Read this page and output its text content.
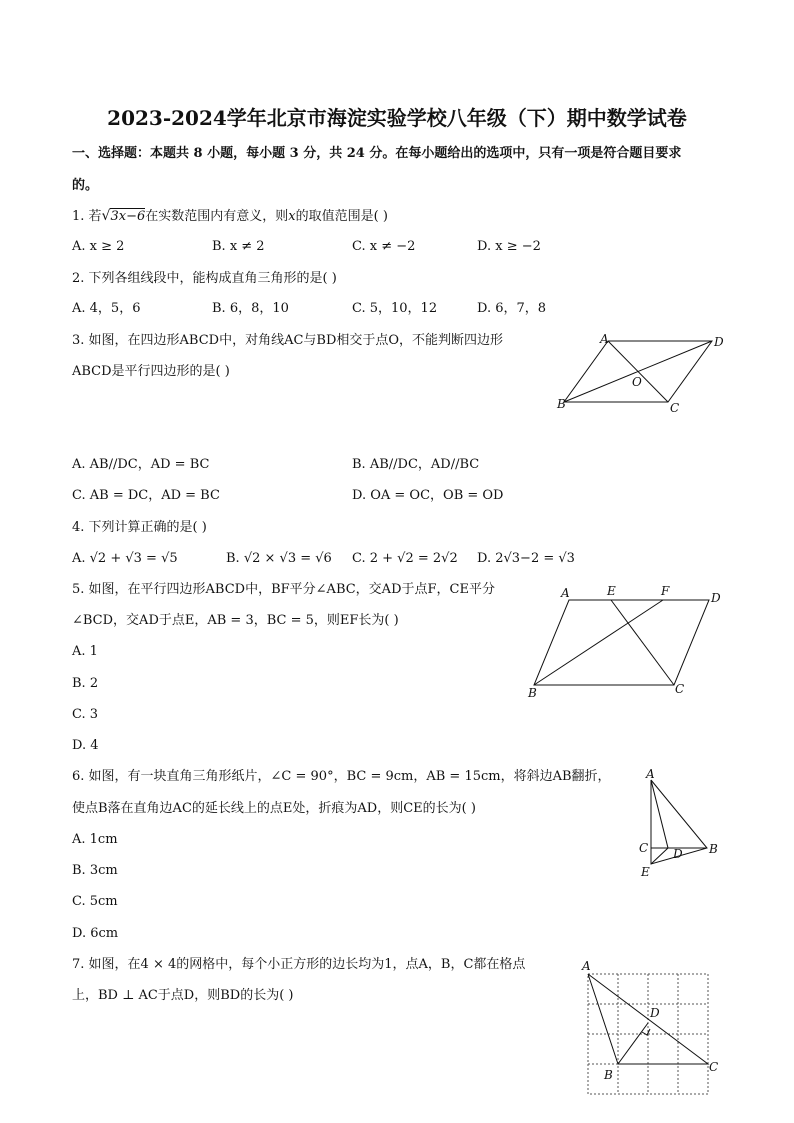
2023-2024学年北京市海淀实验学校八年级（下）期中数学试卷
一、选择题：本题共 8 小题，每小题 3 分，共 24 分。在每小题给出的选项中，只有一项是符合题目要求
的。
1. 若√3x−6在实数范围内有意义，则x的取值范围是( )
A. x ≥ 2	B. x ≠ 2	C. x ≠ −2	D. x ≥ −2
2. 下列各组线段中，能构成直角三角形的是( )
A. 4，5，6	B. 6，8，10	C. 5，10，12	D. 6，7，8
3. 如图，在四边形ABCD中，对角线AC与BD相交于点O，不能判断四边形
ABCD是平行四边形的是( )
A	D
B	C
O
A. AB//DC，AD = BC	B. AB//DC，AD//BC
C. AB = DC，AD = BC	D. OA = OC，OB = OD
4. 下列计算正确的是( )
A. √2 + √3 = √5	B. √2 × √3 = √6 C. 2 + √2 = 2√2 D. 2√3−2 = √3
5. 如图，在平行四边形ABCD中，BF平分∠ABC，交AD于点F，CE平分
∠BCD，交AD于点E，AB = 3，BC = 5，则EF长为( )
A	E	F	D
B	C
A. 1
B. 2
C. 3
D. 4
6. 如图，有一块直角三角形纸片，∠C = 90°，BC = 9cm，AB = 15cm，将斜边AB翻折，
使点B落在直角边AC的延长线上的点E处，折痕为AD，则CE的长为( )
A
C D B
E
A. 1cm
B. 3cm
C. 5cm
D. 6cm
7. 如图，在4 × 4的网格中，每个小正方形的边长均为1，点A，B，C都在格点
上，BD ⊥ AC于点D，则BD的长为( )
A
D
B
C
